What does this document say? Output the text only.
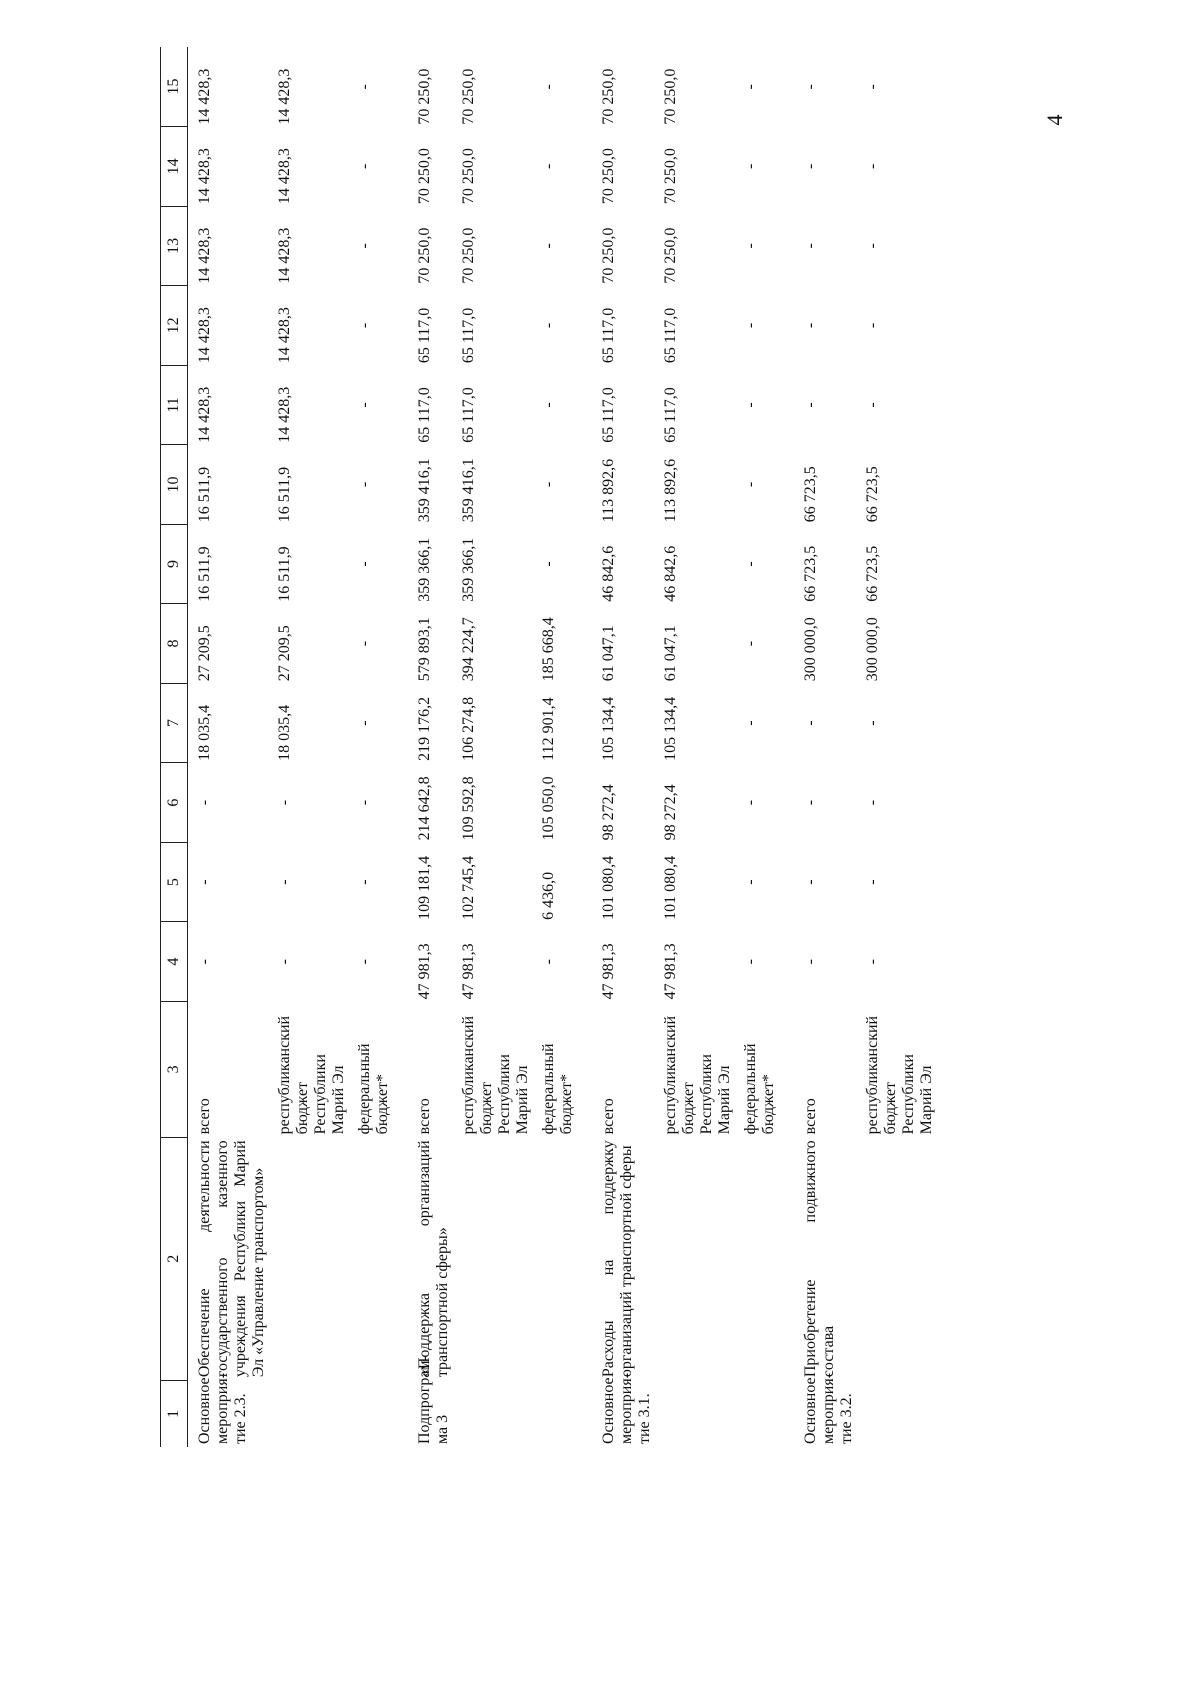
4
1	2	3	4	5	6	7	8	9	10	11	12	13	14	15
Основное мероприя-тие 2.3.	Обеспечение деятельности государственного казенного учреждения Республики Марий Эл «Управление транспортом»	всего	-	-	-	18 035,4	27 209,5	16 511,9	16 511,9	14 428,3	14 428,3	14 428,3	14 428,3	14 428,3
		республиканский бюджет Республики Марий Эл	-	-	-	18 035,4	27 209,5	16 511,9	16 511,9	14 428,3	14 428,3	14 428,3	14 428,3	14 428,3
		федеральный бюджет*	-	-	-	-	-	-	-	-	-	-	-	-
Подпрограм-ма 3	«Поддержка организаций транспортной сферы»	всего	47 981,3	109 181,4	214 642,8	219 176,2	579 893,1	359 366,1	359 416,1	65 117,0	65 117,0	70 250,0	70 250,0	70 250,0
		республиканский бюджет Республики Марий Эл	47 981,3	102 745,4	109 592,8	106 274,8	394 224,7	359 366,1	359 416,1	65 117,0	65 117,0	70 250,0	70 250,0	70 250,0
		федеральный бюджет*	-	6 436,0	105 050,0	112 901,4	185 668,4	-	-	-	-	-	-	-
Основное мероприя-тие 3.1.	Расходы на поддержку организаций транспортной сферы	всего	47 981,3	101 080,4	98 272,4	105 134,4	61 047,1	46 842,6	113 892,6	65 117,0	65 117,0	70 250,0	70 250,0	70 250,0
		республиканский бюджет Республики Марий Эл	47 981,3	101 080,4	98 272,4	105 134,4	61 047,1	46 842,6	113 892,6	65 117,0	65 117,0	70 250,0	70 250,0	70 250,0
		федеральный бюджет*	-	-	-	-	-	-	-	-	-	-	-	-
Основное мероприя-тие 3.2.	Приобретение подвижного состава	всего	-	-	-	-	300 000,0	66 723,5	66 723,5	-	-	-	-	-
		республиканский бюджет Республики Марий Эл	-	-	-	-	300 000,0	66 723,5	66 723,5	-	-	-	-	-
